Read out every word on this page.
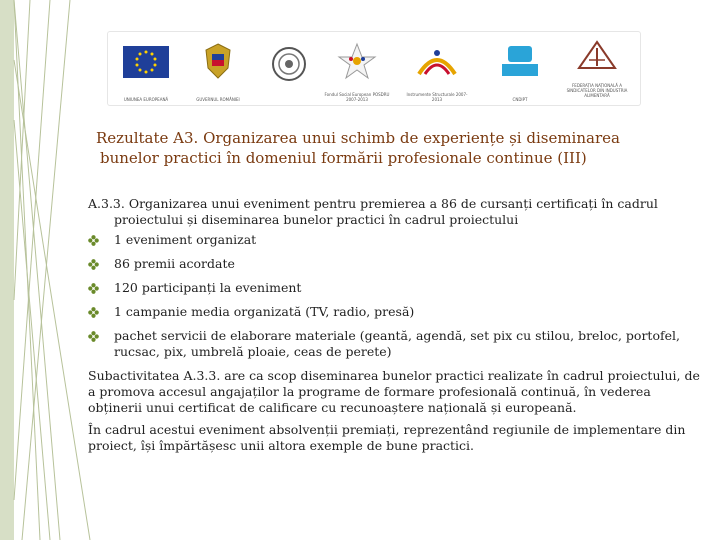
UNIUNEA EUROPEANĂ	GUVERNUL ROMÂNIEI
Fondul Social European POSDRU 2007-2013
Instrumente Structurale 2007-2013	CNDIPT
FEDERAȚIA NAȚIONALĂ A SINDICATELOR DIN INDUSTRIA ALIMENTARĂ
Rezultate A3. Organizarea unui schimb de experiențe și diseminarea
bunelor practici în domeniul formării profesionale continue (III)
A.3.3. Organizarea unui eveniment pentru premierea a 86 de cursanți certificați în cadrul
proiectului și diseminarea bunelor practici în cadrul proiectului
1 eveniment organizat
86 premii acordate
120 participanți la eveniment
1 campanie media organizată (TV, radio, presă)
pachet servicii de elaborare materiale (geantă, agendă, set pix cu stilou, breloc, portofel,
rucsac, pix, umbrelă ploaie, ceas de perete)
Subactivitatea A.3.3. are ca scop diseminarea bunelor practici realizate în cadrul proiectului, de
a promova accesul angajaților la programe de formare profesională continuă, în vederea
obținerii unui certificat de calificare cu recunoaștere națională și europeană.
În cadrul acestui eveniment absolvenții premiați, reprezentând regiunile de implementare din
proiect, își împărtășesc unii altora exemple de bune practici.
